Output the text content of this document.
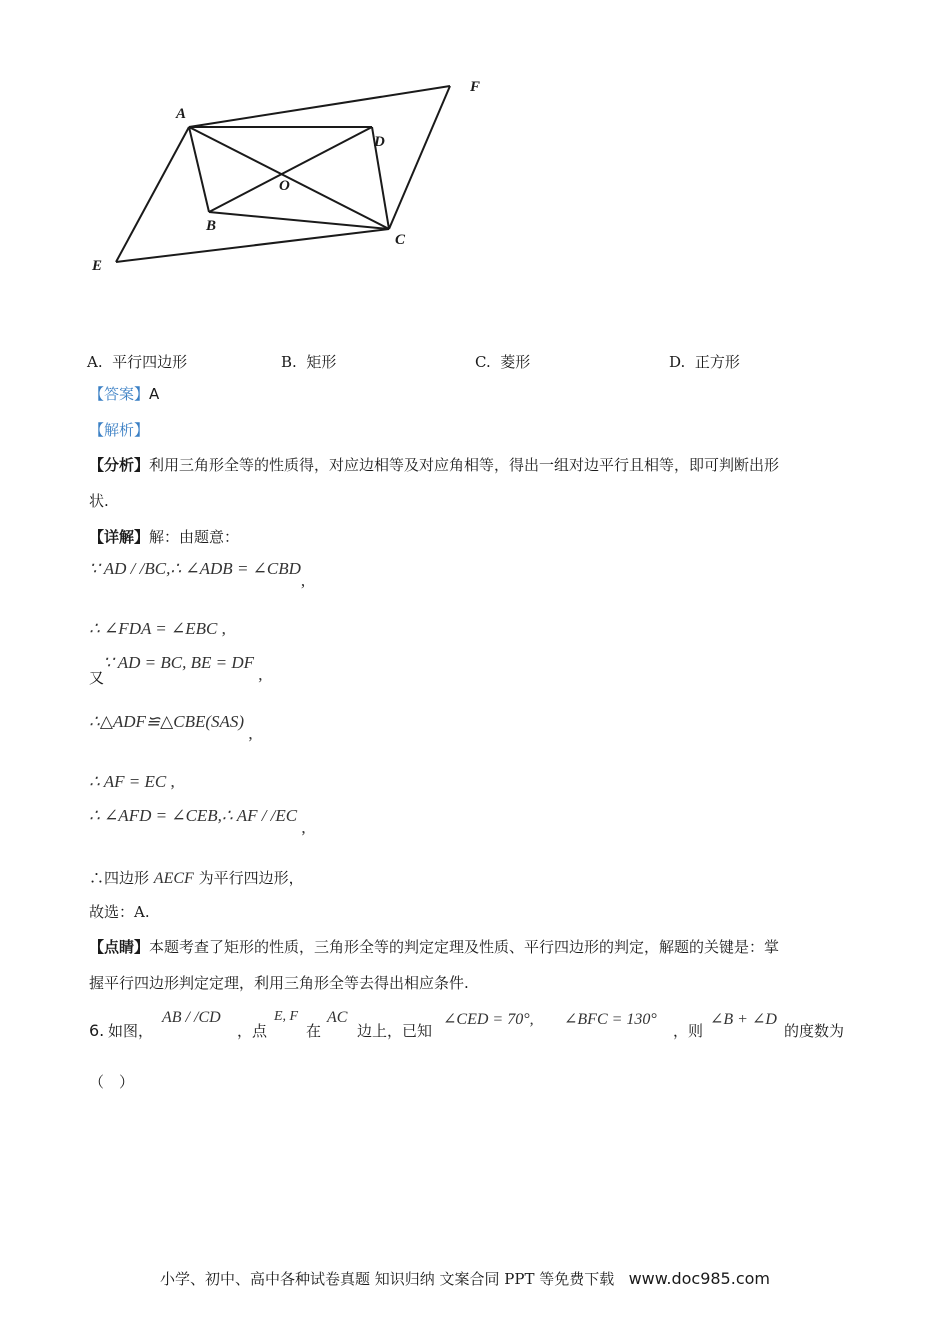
A
F
D
O
B
C
E
A. 平行四边形	B. 矩形	C. 菱形	D. 正方形
【答案】A
【解析】
【分析】利用三角形全等的性质得，对应边相等及对应角相等，得出一组对边平行且相等，即可判断出形
状.
【详解】解：由题意：
∵ AD / /BC,∴ ∠ADB = ∠CBD,
∴ ∠FDA = ∠EBC ,
又
∵ AD = BC, BE = DF ,
∴△ADF≌△CBE(SAS) ,
∴ AF = EC ,
∴ ∠AFD = ∠CEB,∴ AF / /EC ,
∴四边形 AECF 为平行四边形，
故选：A.
【点睛】本题考查了矩形的性质，三角形全等的判定定理及性质、平行四边形的判定，解题的关键是：掌
握平行四边形判定定理，利用三角形全等去得出相应条件.
6. 如图，
AB / /CD
，点
E, F
在
AC
边上，已知
∠CED = 70°, ∠BFC = 130°
，则
∠B + ∠D
的度数为
（　）
小学、初中、高中各种试卷真题 知识归纳 文案合同 PPT 等免费下载 www.doc985.com
